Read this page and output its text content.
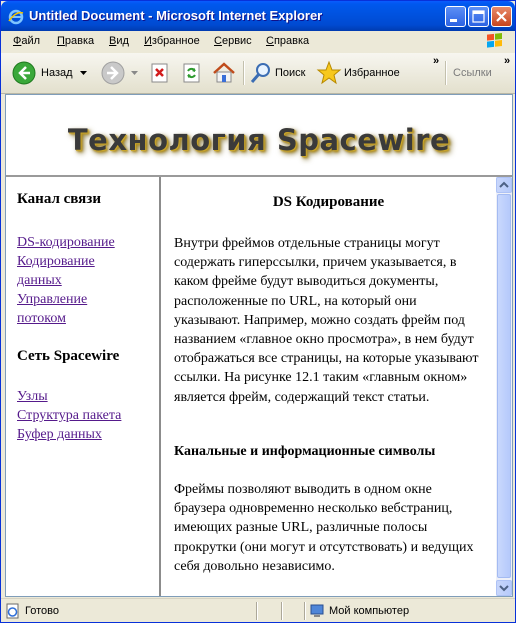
Untitled Document - Microsoft Internet Explorer
Файл Правка Вид Избранное Сервис Справка
Назад	Поиск	Избранное
»	»
Ссылки
Технология Spacewire
Канал связи
DS-кодирование
Кодирование
данных
Управление
потоком
Сеть Spacewire
Узлы
Структура пакета
Буфер данных
DS Кодирование

Внутри фреймов отдельные страницы могут содержать гиперссылки, причем указывается, в каком фрейме будут выводиться документы, расположенные по URL, на который они указывают. Например, можно создать фрейм под названием «главное окно просмотра», в нем будут отображаться все страницы, на которые указывают ссылки. На рисунке 12.1 таким «главным окном» является фрейм, содержащий текст статьи.

Канальные и информационные символы

Фреймы позволяют выводить в одном окне браузера одновременно несколько вебстраниц, имеющих разные URL, различные полосы прокрутки (они могут и отсутствовать) и ведущих себя довольно независимо.

Готово	Мой компьютер
